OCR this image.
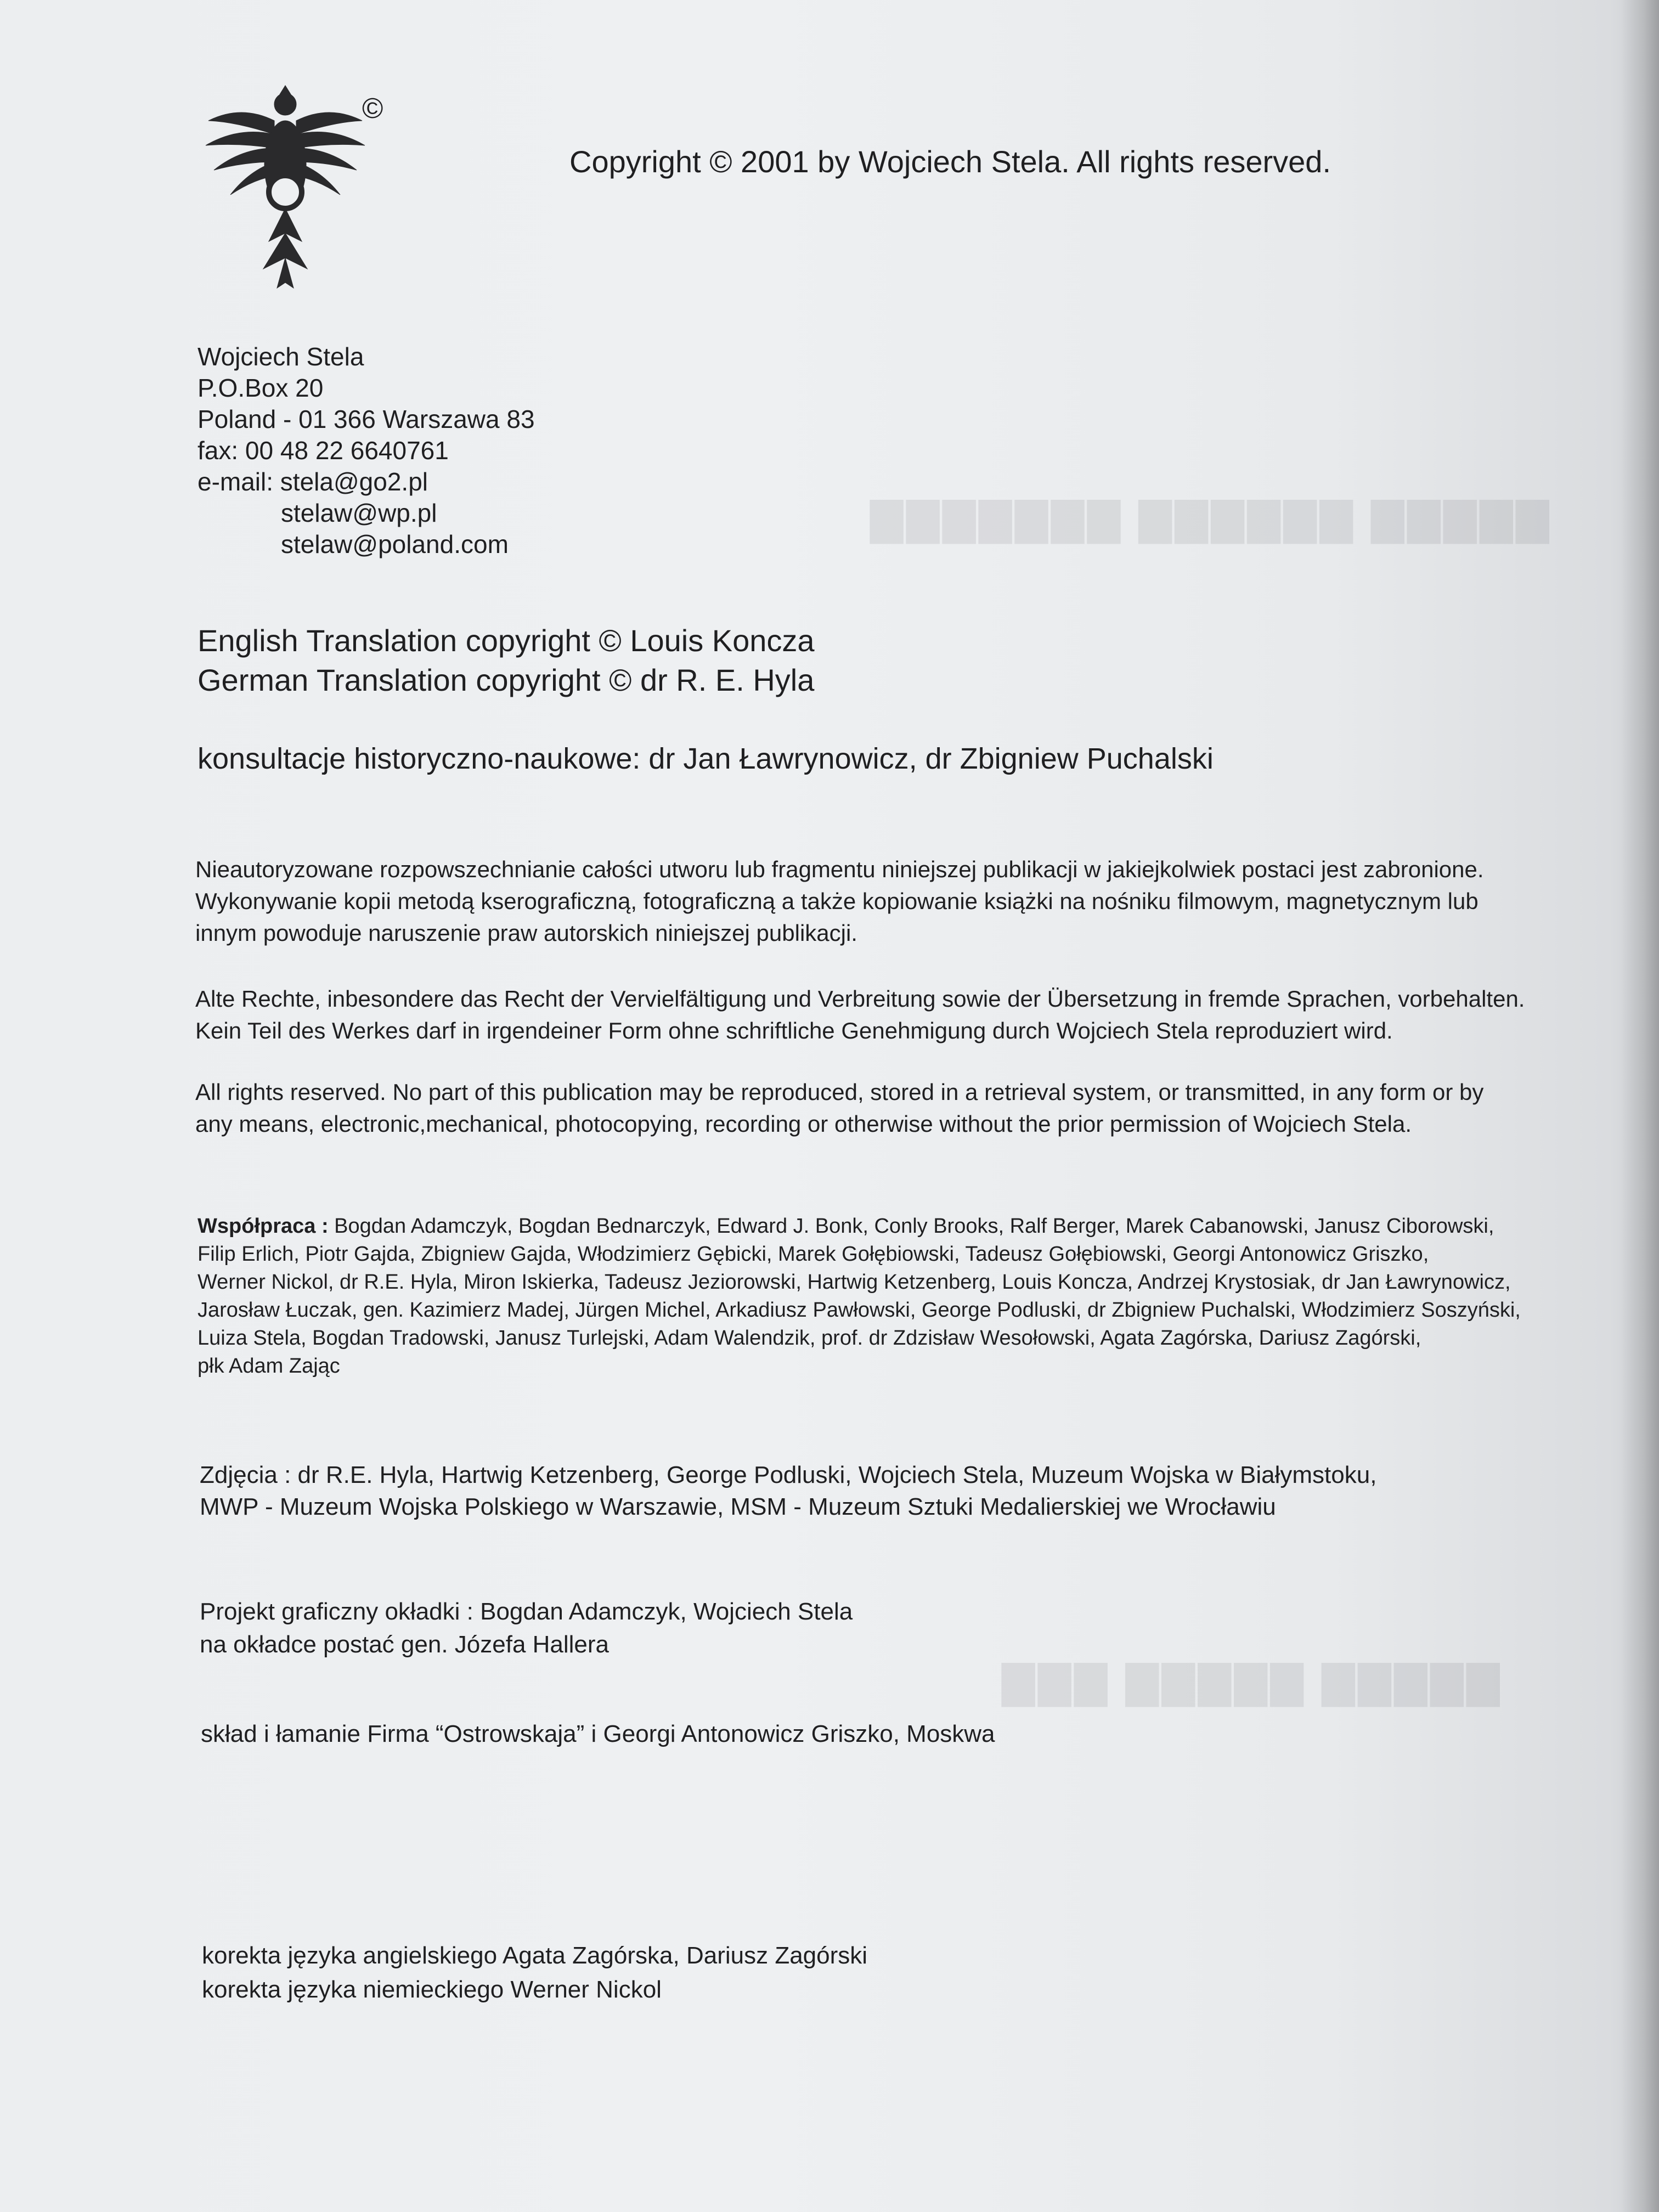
▇▇▇▇▇ ▇▇▇▇▇▇ ▇▇▇▇▇▇▇
▇▇▇▇▇ ▇▇▇▇▇ ▇▇▇
©
Copyright © 2001 by Wojciech Stela. All rights reserved.
Wojciech Stela
P.O.Box 20
Poland - 01 366 Warszawa 83
fax: 00 48 22 6640761
e-mail: stela@go2.pl
stelaw@wp.pl
stelaw@poland.com
English Translation copyright © Louis Koncza
German Translation copyright © dr R. E. Hyla
konsultacje historyczno-naukowe: dr Jan Ławrynowicz, dr Zbigniew Puchalski
Nieautoryzowane rozpowszechnianie całości utworu lub fragmentu niniejszej publikacji w jakiejkolwiek postaci jest zabronione.
Wykonywanie kopii metodą kserograficzną, fotograficzną a także kopiowanie książki na nośniku filmowym, magnetycznym lub
innym powoduje naruszenie praw autorskich niniejszej publikacji.
Alte Rechte, inbesondere das Recht der Vervielfältigung und Verbreitung sowie der Übersetzung in fremde Sprachen, vorbehalten.
Kein Teil des Werkes darf in irgendeiner Form ohne schriftliche Genehmigung durch Wojciech Stela reproduziert wird.
All rights reserved. No part of this publication may be reproduced, stored in a retrieval system, or transmitted, in any form or by
any means, electronic,mechanical, photocopying, recording or otherwise without the prior permission of Wojciech Stela.
Współpraca : Bogdan Adamczyk, Bogdan Bednarczyk, Edward J. Bonk, Conly Brooks, Ralf Berger, Marek Cabanowski, Janusz Ciborowski,
Filip Erlich, Piotr Gajda, Zbigniew Gajda, Włodzimierz Gębicki, Marek Gołębiowski, Tadeusz Gołębiowski, Georgi Antonowicz Griszko,
Werner Nickol, dr R.E. Hyla, Miron Iskierka, Tadeusz Jeziorowski, Hartwig Ketzenberg, Louis Koncza, Andrzej Krystosiak, dr Jan Ławrynowicz,
Jarosław Łuczak, gen. Kazimierz Madej, Jürgen Michel, Arkadiusz Pawłowski, George Podluski, dr Zbigniew Puchalski, Włodzimierz Soszyński,
Luiza Stela, Bogdan Tradowski, Janusz Turlejski, Adam Walendzik, prof. dr Zdzisław Wesołowski, Agata Zagórska, Dariusz Zagórski,
płk Adam Zając
Zdjęcia : dr R.E. Hyla, Hartwig Ketzenberg, George Podluski, Wojciech Stela, Muzeum Wojska w Białymstoku,
MWP - Muzeum Wojska Polskiego w Warszawie, MSM - Muzeum Sztuki Medalierskiej we Wrocławiu
Projekt graficzny okładki : Bogdan Adamczyk, Wojciech Stela
na okładce postać gen. Józefa Hallera
skład i łamanie Firma “Ostrowskaja” i Georgi Antonowicz Griszko, Moskwa
korekta języka angielskiego Agata Zagórska, Dariusz Zagórski
korekta języka niemieckiego Werner Nickol
